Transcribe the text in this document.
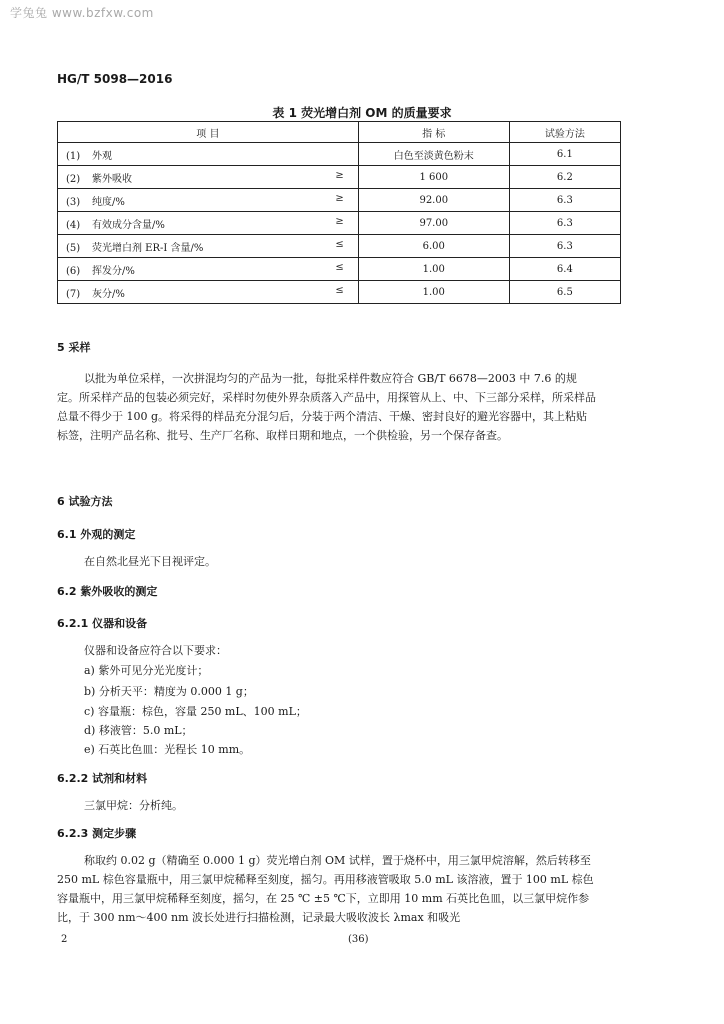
学兔兔 www.bzfxw.com
HG/T 5098—2016
表 1 荧光增白剂 OM 的质量要求
项 目	指 标	试验方法
(1) 外观	白色至淡黄色粉末	6.1
(2) 紫外吸收 ≥	1 600	6.2
(3) 纯度/% ≥	92.00	6.3
(4) 有效成分含量/% ≥	97.00	6.3
(5) 荧光增白剂 ER-I 含量/% ≤	6.00	6.3
(6) 挥发分/% ≤	1.00	6.4
(7) 灰分/% ≤	1.00	6.5
5 采样
以批为单位采样，一次拼混均匀的产品为一批，每批采样件数应符合 GB/T 6678—2003 中 7.6 的规定。所采样产品的包装必须完好，采样时勿使外界杂质落入产品中，用探管从上、中、下三部分采样，所采样品总量不得少于 100 g。将采得的样品充分混匀后，分装于两个清洁、干燥、密封良好的避光容器中，其上粘贴标签，注明产品名称、批号、生产厂名称、取样日期和地点，一个供检验，另一个保存备查。
6 试验方法
6.1 外观的测定
在自然北昼光下目视评定。
6.2 紫外吸收的测定
6.2.1 仪器和设备
仪器和设备应符合以下要求：
a) 紫外可见分光光度计；
b) 分析天平：精度为 0.000 1 g；
c) 容量瓶：棕色，容量 250 mL、100 mL；
d) 移液管：5.0 mL；
e) 石英比色皿：光程长 10 mm。
6.2.2 试剂和材料
三氯甲烷：分析纯。
6.2.3 测定步骤
称取约 0.02 g（精确至 0.000 1 g）荧光增白剂 OM 试样，置于烧杯中，用三氯甲烷溶解，然后转移至 250 mL 棕色容量瓶中，用三氯甲烷稀释至刻度，摇匀。再用移液管吸取 5.0 mL 该溶液，置于 100 mL 棕色容量瓶中，用三氯甲烷稀释至刻度，摇匀，在 25 ℃ ±5 ℃下，立即用 10 mm 石英比色皿，以三氯甲烷作参比，于 300 nm～400 nm 波长处进行扫描检测，记录最大吸收波长 λmax 和吸光
2	(36)
